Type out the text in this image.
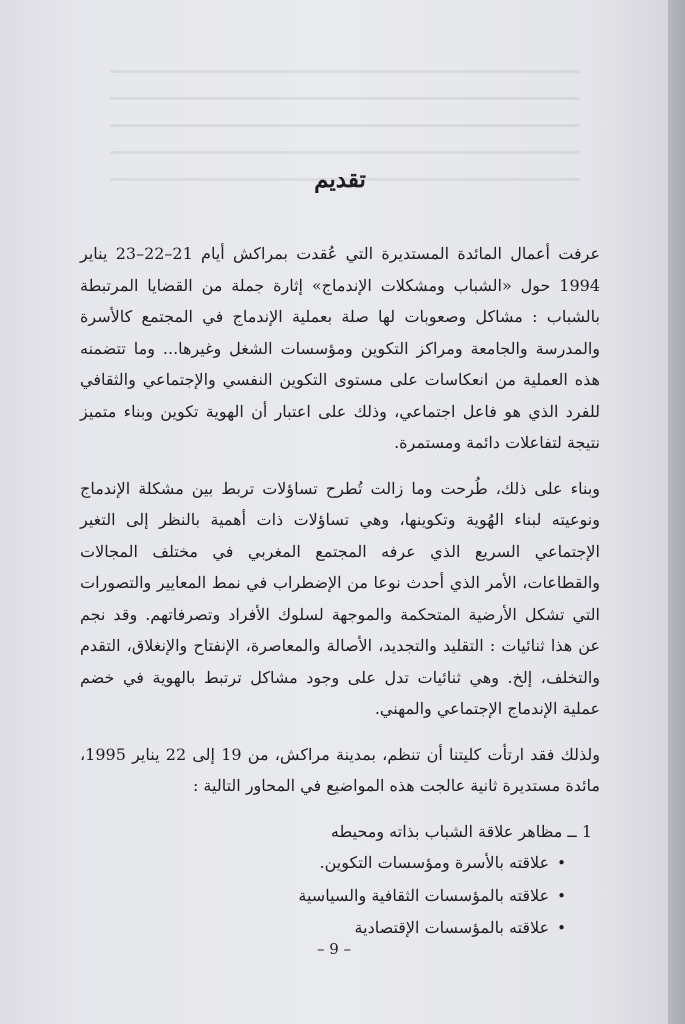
تقديم

عرفت أعمال المائدة المستديرة التي عُقدت بمراكش أيام 21–22–23 يناير 1994 حول «الشباب ومشكلات الإندماج» إثارة جملة من القضايا المرتبطة بالشباب : مشاكل وصعوبات لها صلة بعملية الإندماج في المجتمع كالأسرة والمدرسة والجامعة ومراكز التكوين ومؤسسات الشغل وغيرها... وما تتضمنه هذه العملية من انعكاسات على مستوى التكوين النفسي والإجتماعي والثقافي للفرد الذي هو فاعل اجتماعي، وذلك على اعتبار أن الهوية تكوين وبناء متميز نتيجة لتفاعلات دائمة ومستمرة.

وبناء على ذلك، طُرحت وما زالت تُطرح تساؤلات تربط بين مشكلة الإندماج ونوعيته لبناء الهُوية وتكوينها، وهي تساؤلات ذات أهمية بالنظر إلى التغير الإجتماعي السريع الذي عرفه المجتمع المغربي في مختلف المجالات والقطاعات، الأمر الذي أحدث نوعا من الإضطراب في نمط المعايير والتصورات التي تشكل الأرضية المتحكمة والموجهة لسلوك الأفراد وتصرفاتهم. وقد نجم عن هذا ثنائيات : التقليد والتجديد، الأصالة والمعاصرة، الإنفتاح والإنغلاق، التقدم والتخلف، إلخ. وهي ثنائيات تدل على وجود مشاكل ترتبط بالهوية في خضم عملية الإندماج الإجتماعي والمهني.

ولذلك فقد ارتأت كليتنا أن تنظم، بمدينة مراكش، من 19 إلى 22 يناير 1995، مائدة مستديرة ثانية عالجت هذه المواضيع في المحاور التالية :

1 ــ مظاهر علاقة الشباب بذاته ومحيطه
• علاقته بالأسرة ومؤسسات التكوين.
• علاقته بالمؤسسات الثقافية والسياسية
• علاقته بالمؤسسات الإقتصادية
– 9 –
